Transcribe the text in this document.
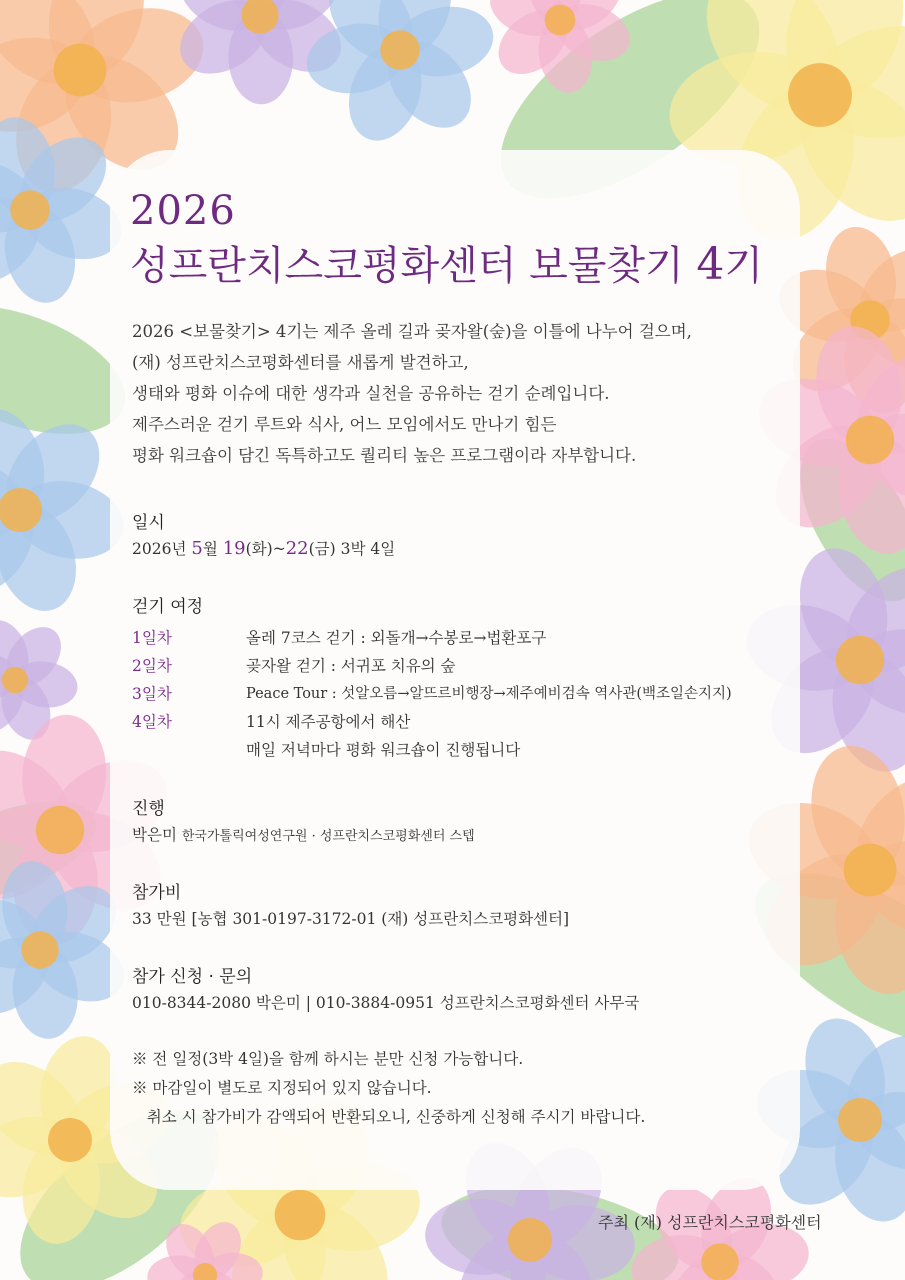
2026
성프란치스코평화센터 보물찾기 4기
2026 <보물찾기> 4기는 제주 올레 길과 곶자왈(숲)을 이틀에 나누어 걸으며,
(재) 성프란치스코평화센터를 새롭게 발견하고,
생태와 평화 이슈에 대한 생각과 실천을 공유하는 걷기 순례입니다.
제주스러운 걷기 루트와 식사, 어느 모임에서도 만나기 힘든
평화 워크숍이 담긴 독특하고도 퀄리티 높은 프로그램이라 자부합니다.
일시
2026년 5월 19(화)~22(금) 3박 4일
걷기 여정
1일차	올레 7코스 걷기 : 외돌개→수봉로→법환포구
2일차	곶자왈 걷기 : 서귀포 치유의 숲
3일차	Peace Tour : 섯알오름→알뜨르비행장→제주예비검속 역사관(백조일손지지)
4일차	11시 제주공항에서 해산
매일 저녁마다 평화 워크숍이 진행됩니다
진행
박은미 한국가톨릭여성연구원 · 성프란치스코평화센터 스텝
참가비
33 만원 [농협 301-0197-3172-01 (재) 성프란치스코평화센터]
참가 신청 · 문의
010-8344-2080 박은미 | 010-3884-0951 성프란치스코평화센터 사무국
※ 전 일정(3박 4일)을 함께 하시는 분만 신청 가능합니다.
※ 마감일이 별도로 지정되어 있지 않습니다.
취소 시 참가비가 감액되어 반환되오니, 신중하게 신청해 주시기 바랍니다.
주최 (재) 성프란치스코평화센터
